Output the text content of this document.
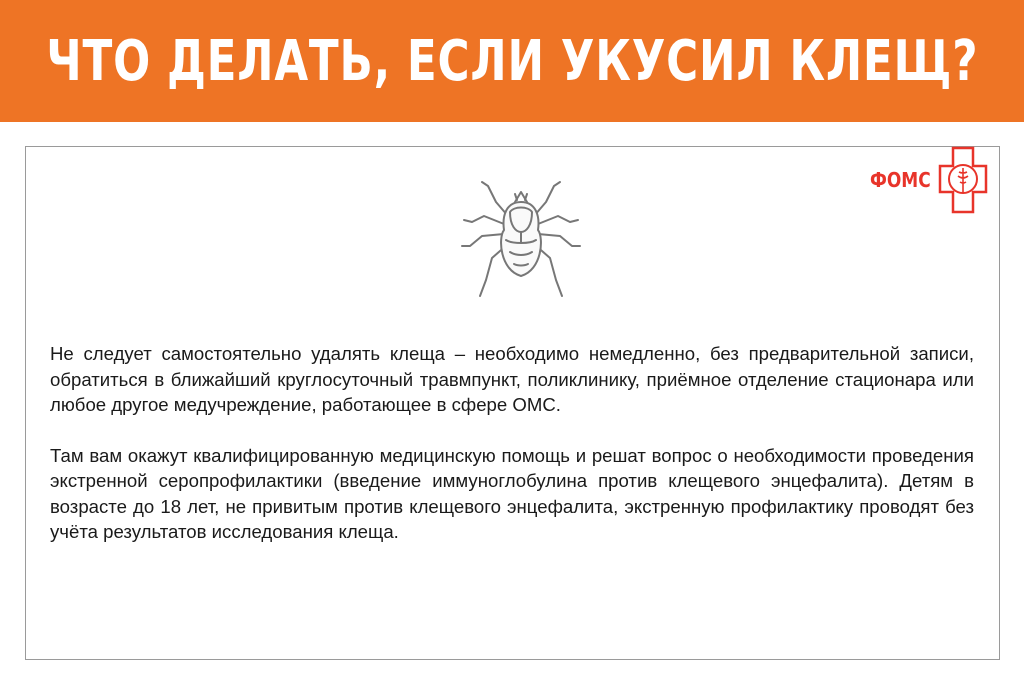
ЧТО ДЕЛАТЬ, ЕСЛИ УКУСИЛ КЛЕЩ?
ФОМС

Не следует самостоятельно удалять клеща – необходимо немедленно, без предварительной записи, обратиться в ближайший круглосуточный травмпункт, поликлинику, приёмное отделение стационара или любое другое медучреждение, работающее в сфере ОМС.

Там вам окажут квалифицированную медицинскую помощь и решат вопрос о необходимости проведения экстренной серопрофилактики (введение иммуноглобулина против клещевого энцефалита). Детям в возрасте до 18 лет, не привитым против клещевого энцефалита, экстренную профилактику проводят без учёта результатов исследования клеща.
